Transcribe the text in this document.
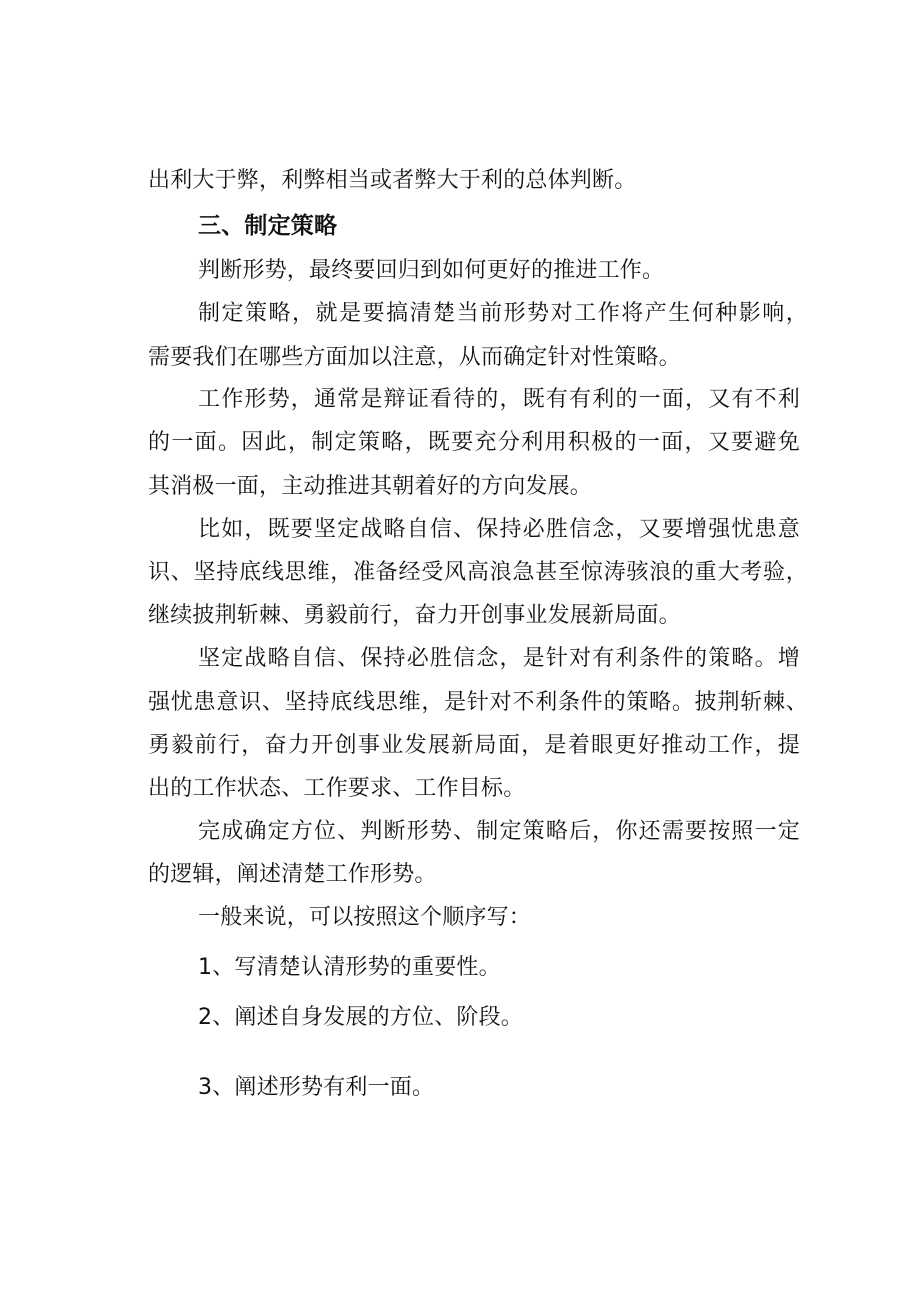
出利大于弊，利弊相当或者弊大于利的总体判断。
三、制定策略
判断形势，最终要回归到如何更好的推进工作。
制定策略，就是要搞清楚当前形势对工作将产生何种影响，
需要我们在哪些方面加以注意，从而确定针对性策略。
工作形势，通常是辩证看待的，既有有利的一面，又有不利
的一面。因此，制定策略，既要充分利用积极的一面，又要避免
其消极一面，主动推进其朝着好的方向发展。
比如，既要坚定战略自信、保持必胜信念，又要增强忧患意
识、坚持底线思维，准备经受风高浪急甚至惊涛骇浪的重大考验，
继续披荆斩棘、勇毅前行，奋力开创事业发展新局面。
坚定战略自信、保持必胜信念，是针对有利条件的策略。增
强忧患意识、坚持底线思维，是针对不利条件的策略。披荆斩棘、
勇毅前行，奋力开创事业发展新局面，是着眼更好推动工作，提
出的工作状态、工作要求、工作目标。
完成确定方位、判断形势、制定策略后，你还需要按照一定
的逻辑，阐述清楚工作形势。
一般来说，可以按照这个顺序写：
1、写清楚认清形势的重要性。
2、阐述自身发展的方位、阶段。
3、阐述形势有利一面。
